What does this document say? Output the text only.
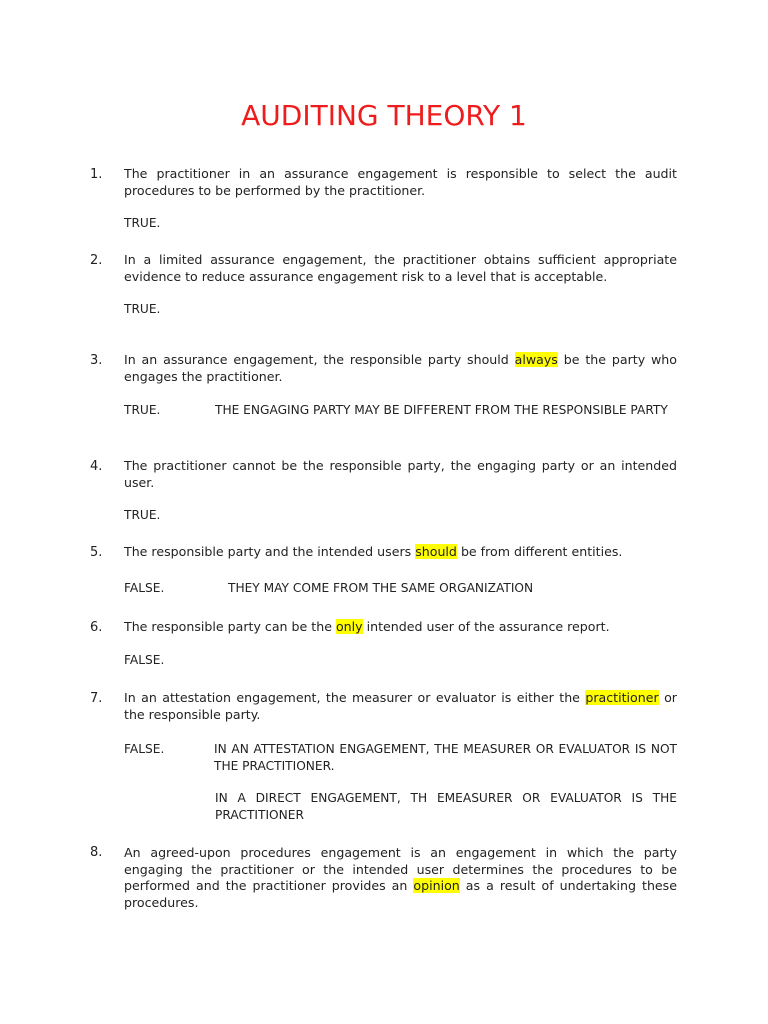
AUDITING THEORY 1
1. The practitioner in an assurance engagement is responsible to select the audit procedures to be performed by the practitioner.

TRUE.
2. In a limited assurance engagement, the practitioner obtains sufficient appropriate evidence to reduce assurance engagement risk to a level that is acceptable.

TRUE.
3. In an assurance engagement, the responsible party should always be the party who engages the practitioner.

TRUE.	THE ENGAGING PARTY MAY BE DIFFERENT FROM THE RESPONSIBLE PARTY

4. The practitioner cannot be the responsible party, the engaging party or an intended user.

TRUE.
5. The responsible party and the intended users should be from different entities.

FALSE.	THEY MAY COME FROM THE SAME ORGANIZATION

6. The responsible party can be the only intended user of the assurance report.

FALSE.
7. In an attestation engagement, the measurer or evaluator is either the practitioner or the responsible party.

FALSE.	IN AN ATTESTATION ENGAGEMENT, THE MEASURER OR EVALUATOR IS NOT THE PRACTITIONER.

IN A DIRECT ENGAGEMENT, TH EMEASURER OR EVALUATOR IS THE PRACTITIONER

8. An agreed-upon procedures engagement is an engagement in which the party engaging the practitioner or the intended user determines the procedures to be performed and the practitioner provides an opinion as a result of undertaking these procedures.
